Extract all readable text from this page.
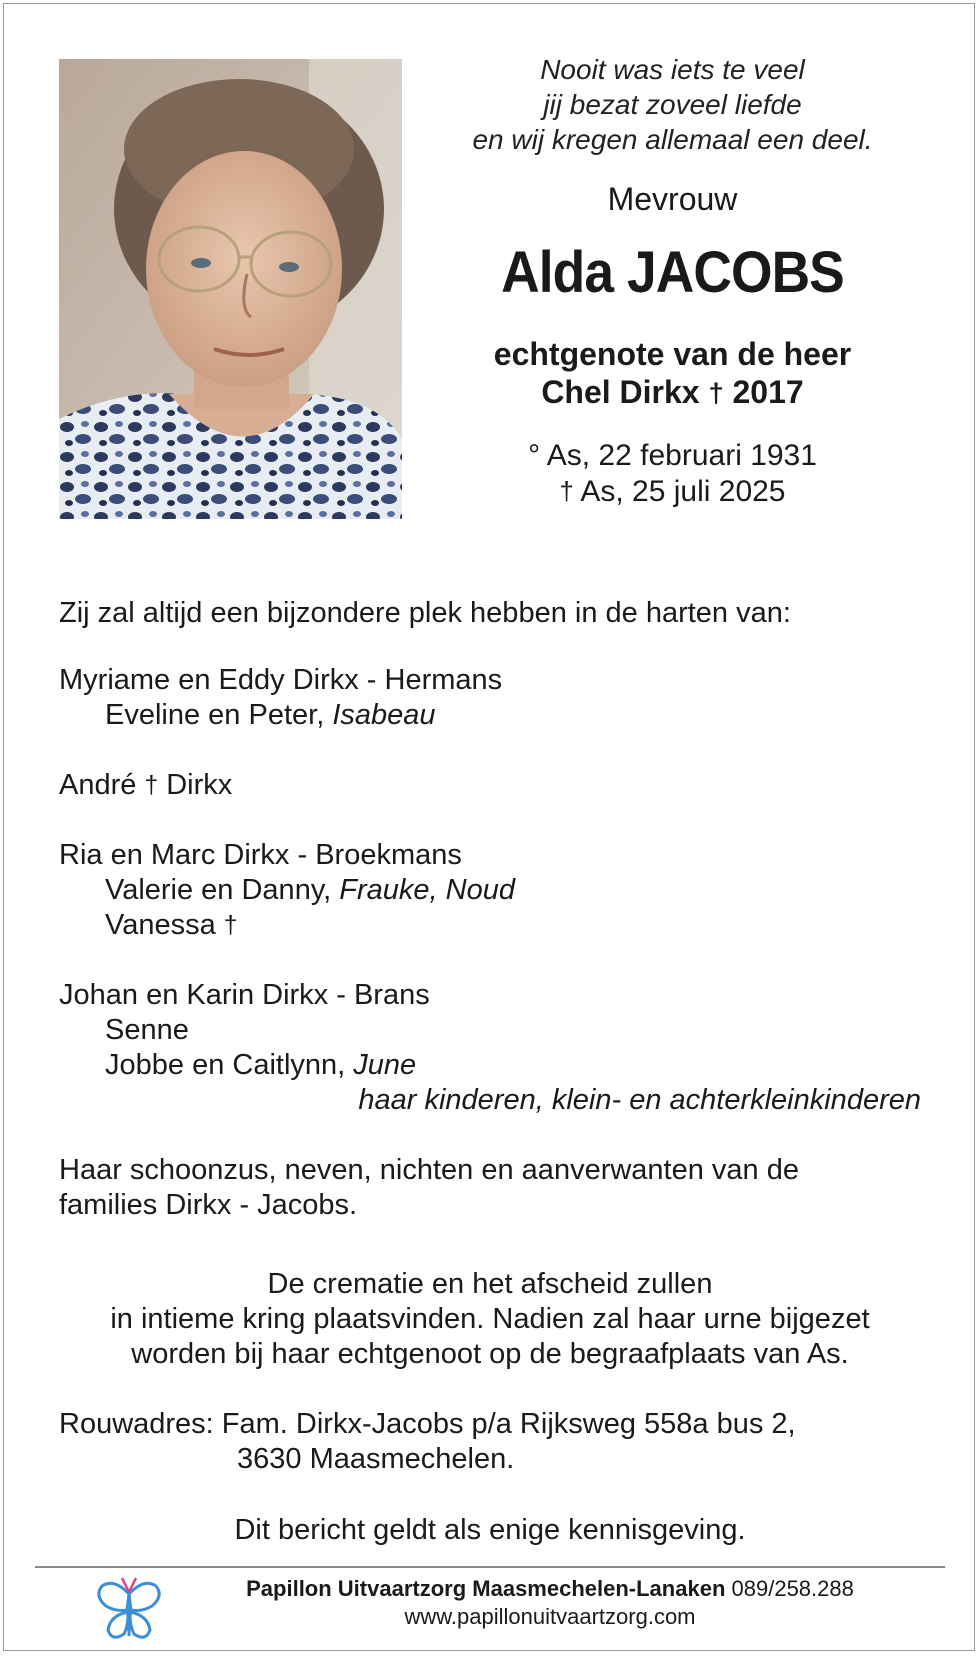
Nooit was iets te veel
jij bezat zoveel liefde
en wij kregen allemaal een deel.
Mevrouw
Alda JACOBS
echtgenote van de heer
Chel Dirkx † 2017
° As, 22 februari 1931
† As, 25 juli 2025
Zij zal altijd een bijzondere plek hebben in de harten van:
Myriame en Eddy Dirkx - Hermans
Eveline en Peter, Isabeau
André † Dirkx
Ria en Marc Dirkx - Broekmans
Valerie en Danny, Frauke, Noud
Vanessa †
Johan en Karin Dirkx - Brans
Senne
Jobbe en Caitlynn, June
haar kinderen, klein- en achterkleinkinderen
Haar schoonzus, neven, nichten en aanverwanten van de
families Dirkx - Jacobs.
De crematie en het afscheid zullen
in intieme kring plaatsvinden. Nadien zal haar urne bijgezet
worden bij haar echtgenoot op de begraafplaats van As.
Rouwadres: Fam. Dirkx-Jacobs p/a Rijksweg 558a bus 2,
3630 Maasmechelen.
Dit bericht geldt als enige kennisgeving.
Papillon Uitvaartzorg Maasmechelen-Lanaken 089/258.288
www.papillonuitvaartzorg.com
